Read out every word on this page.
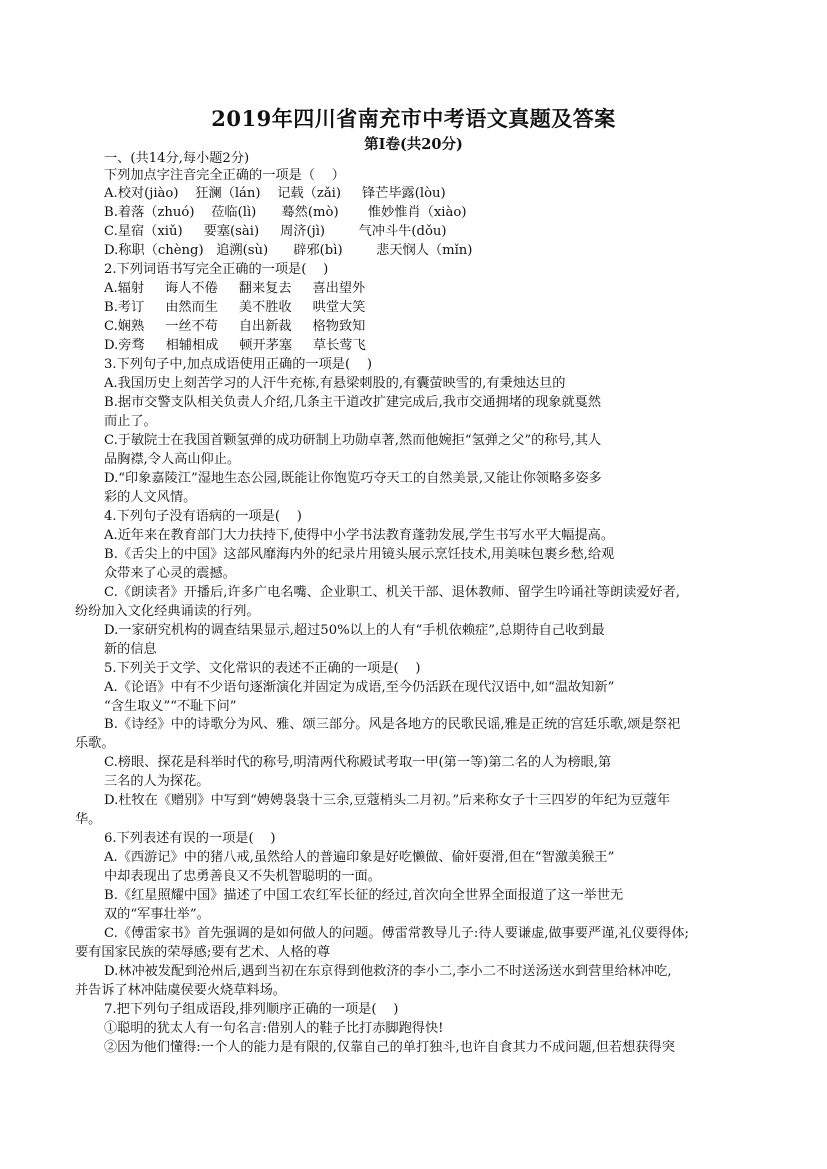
2019年四川省南充市中考语文真题及答案
第Ⅰ卷(共20分)
一、(共14分,每小题2分)
下列加点字注音完全正确的一项是（    ）
A.校对(jiào)    狂澜（lán)    记载（zǎi)     锋芒毕露(lòu)
B.着落（zhuó)    莅临(lì)      蓦然(mò)       惟妙惟肖（xiào)
C.星宿（xiǔ)     要塞(sài)     周济(jì)        气冲斗牛(dǒu)
D.称职（chèng)   追溯(sù)      辟邪(bì)        悲天悯人（mǐn)
2.下列词语书写完全正确的一项是(    )
A.辐射     诲人不倦     翻来复去     喜出望外
B.考订     由然而生     美不胜收     哄堂大笑
C.娴熟     一丝不苟     自出新裁     格物致知
D.旁骛     相辅相成     顿开茅塞     草长莺飞
3.下列句子中,加点成语使用正确的一项是(    )
A.我国历史上刻苦学习的人汗牛充栋,有悬梁刺股的,有囊萤映雪的,有秉烛达旦的
B.据市交警支队相关负责人介绍,几条主干道改扩建完成后,我市交通拥堵的现象就戛然
而止了。
C.于敏院士在我国首颗氢弹的成功研制上功勋卓著,然而他婉拒“氢弹之父”的称号,其人
品胸襟,令人高山仰止。
D.“印象嘉陵江”湿地生态公园,既能让你饱览巧夺天工的自然美景,又能让你领略多姿多
彩的人文风情。
4.下列句子没有语病的一项是(    )
A.近年来在教育部门大力扶持下,使得中小学书法教育蓬勃发展,学生书写水平大幅提高。
B.《舌尖上的中国》这部风靡海内外的纪录片用镜头展示烹饪技术,用美味包裹乡愁,给观
众带来了心灵的震撼。
C.《朗读者》开播后,许多广电名嘴、企业职工、机关干部、退休教师、留学生吟诵社等朗读爱好者,
纷纷加入文化经典诵读的行列。
D.一家研究机构的调查结果显示,超过50%以上的人有“手机依赖症”,总期待自己收到最
新的信息
5.下列关于文学、文化常识的表述不正确的一项是(    )
A.《论语》中有不少语句逐渐演化并固定为成语,至今仍活跃在现代汉语中,如“温故知新”
“含生取义”“不耻下问”
B.《诗经》中的诗歌分为风、雅、颂三部分。风是各地方的民歌民谣,雅是正统的宫廷乐歌,颂是祭祀
乐歌。
C.榜眼、探花是科举时代的称号,明清两代称殿试考取一甲(第一等)第二名的人为榜眼,第
三名的人为探花。
D.杜牧在《赠别》中写到“娉娉袅袅十三余,豆蔻梢头二月初。”后来称女子十三四岁的年纪为豆蔻年
华。
6.下列表述有误的一项是(    )
A.《西游记》中的猪八戒,虽然给人的普遍印象是好吃懒做、偷奸耍滑,但在“智激美猴王”
中却表现出了忠勇善良又不失机智聪明的一面。
B.《红星照耀中国》描述了中国工农红军长征的经过,首次向全世界全面报道了这一举世无
双的“军事壮举”。
C.《傅雷家书》首先强调的是如何做人的问题。傅雷常教导儿子:待人要谦虚,做事要严谨,礼仪要得体;
要有国家民族的荣辱感;要有艺术、人格的尊
D.林冲被发配到沧州后,遇到当初在东京得到他救济的李小二,李小二不时送汤送水到营里给林冲吃,
并告诉了林冲陆虞侯要火烧草料场。
7.把下列句子组成语段,排列顺序正确的一项是(    )
①聪明的犹太人有一句名言:借别人的鞋子比打赤脚跑得快!
②因为他们懂得:一个人的能力是有限的,仅靠自己的单打独斗,也许自食其力不成问题,但若想获得突
